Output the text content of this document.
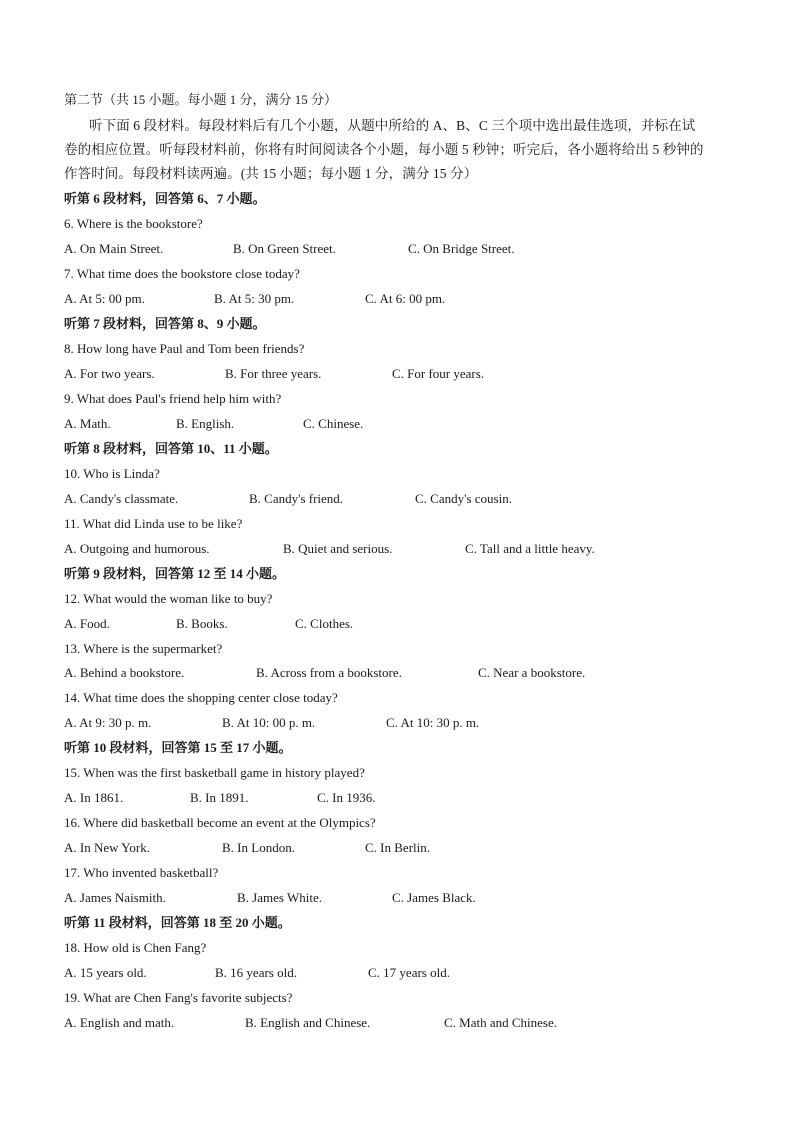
第二节（共 15 小题。每小题 1 分，满分 15 分）
听下面 6 段材料。每段材料后有几个小题，从题中所给的 A、B、C 三个项中选出最佳选项，并标在试
卷的相应位置。听每段材料前，你将有时间阅读各个小题，每小题 5 秒钟；听完后，各小题将给出 5 秒钟的
作答时间。每段材料读两遍。(共 15 小题；每小题 1 分，满分 15 分）
听第 6 段材料，回答第 6、7 小题。
6. Where is the bookstore?
A. On Main Street.	B. On Green Street.	C. On Bridge Street.
7. What time does the bookstore close today?
A. At 5: 00 pm.	B. At 5: 30 pm.	C. At 6: 00 pm.
听第 7 段材料，回答第 8、9 小题。
8. How long have Paul and Tom been friends?
A. For two years.	B. For three years.	C. For four years.
9. What does Paul's friend help him with?
A. Math.	B. English.	C. Chinese.
听第 8 段材料，回答第 10、11 小题。
10. Who is Linda?
A. Candy's classmate.	B. Candy's friend.	C. Candy's cousin.
11. What did Linda use to be like?
A. Outgoing and humorous.	B. Quiet and serious.	C. Tall and a little heavy.
听第 9 段材料，回答第 12 至 14 小题。
12. What would the woman like to buy?
A. Food.	B. Books.	C. Clothes.
13. Where is the supermarket?
A. Behind a bookstore.	B. Across from a bookstore.	C. Near a bookstore.
14. What time does the shopping center close today?
A. At 9: 30 p. m.	B. At 10: 00 p. m.	C. At 10: 30 p. m.
听第 10 段材料，回答第 15 至 17 小题。
15. When was the first basketball game in history played?
A. In 1861.	B. In 1891.	C. In 1936.
16. Where did basketball become an event at the Olympics?
A. In New York.	B. In London.	C. In Berlin.
17. Who invented basketball?
A. James Naismith.	B. James White.	C. James Black.
听第 11 段材料，回答第 18 至 20 小题。
18. How old is Chen Fang?
A. 15 years old.	B. 16 years old.	C. 17 years old.
19. What are Chen Fang's favorite subjects?
A. English and math.	B. English and Chinese.	C. Math and Chinese.
